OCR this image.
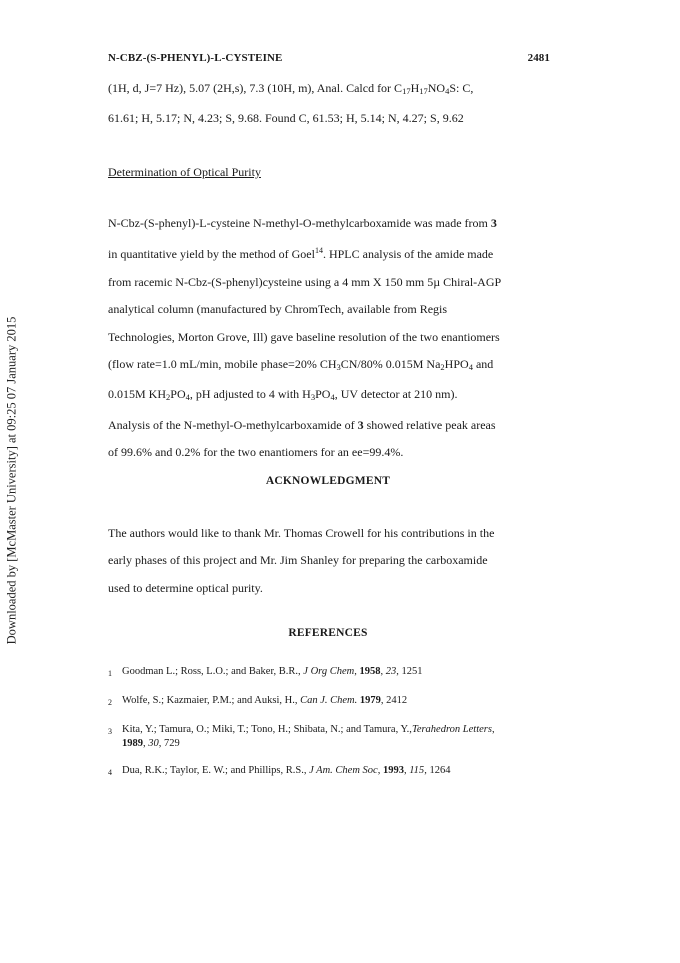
Downloaded by [McMaster University] at 09:25 07 January 2015
N-CBZ-(S-PHENYL)-L-CYSTEINE	2481
(1H, d, J=7 Hz), 5.07 (2H,s), 7.3 (10H, m), Anal. Calcd for $C_{17}H_{17}NO_4S$: C,
61.61; H, 5.17; N, 4.23; S, 9.68. Found C, 61.53; H, 5.14; N, 4.27; S, 9.62
Determination of Optical Purity
N-Cbz-(S-phenyl)-L-cysteine N-methyl-O-methylcarboxamide was made from 3
in quantitative yield by the method of Goel$^{14}$. HPLC analysis of the amide made
from racemic N-Cbz-(S-phenyl)cysteine using a 4 mm X 150 mm 5µ Chiral-AGP
analytical column (manufactured by ChromTech, available from Regis
Technologies, Morton Grove, Ill) gave baseline resolution of the two enantiomers
(flow rate=1.0 mL/min, mobile phase=20% $CH_3CN/80\%$ 0.015M $Na_2HPO_4$ and
0.015M $KH_2PO_4$, pH adjusted to 4 with $H_3PO_4$, UV detector at 210 nm).
Analysis of the N-methyl-O-methylcarboxamide of 3 showed relative peak areas
of 99.6% and 0.2% for the two enantiomers for an ee=99.4%.
ACKNOWLEDGMENT
The authors would like to thank Mr. Thomas Crowell for his contributions in the
early phases of this project and Mr. Jim Shanley for preparing the carboxamide
used to determine optical purity.
REFERENCES
1 Goodman L.; Ross, L.O.; and Baker, B.R., J Org Chem, 1958, 23, 1251
2 Wolfe, S.; Kazmaier, P.M.; and Auksi, H., Can J. Chem. 1979, 2412
3 Kita, Y.; Tamura, O.; Miki, T.; Tono, H.; Shibata, N.; and Tamura, Y.,Terahedron Letters,
1989, 30, 729
4 Dua, R.K.; Taylor, E. W.; and Phillips, R.S., J Am. Chem Soc, 1993, 115, 1264
